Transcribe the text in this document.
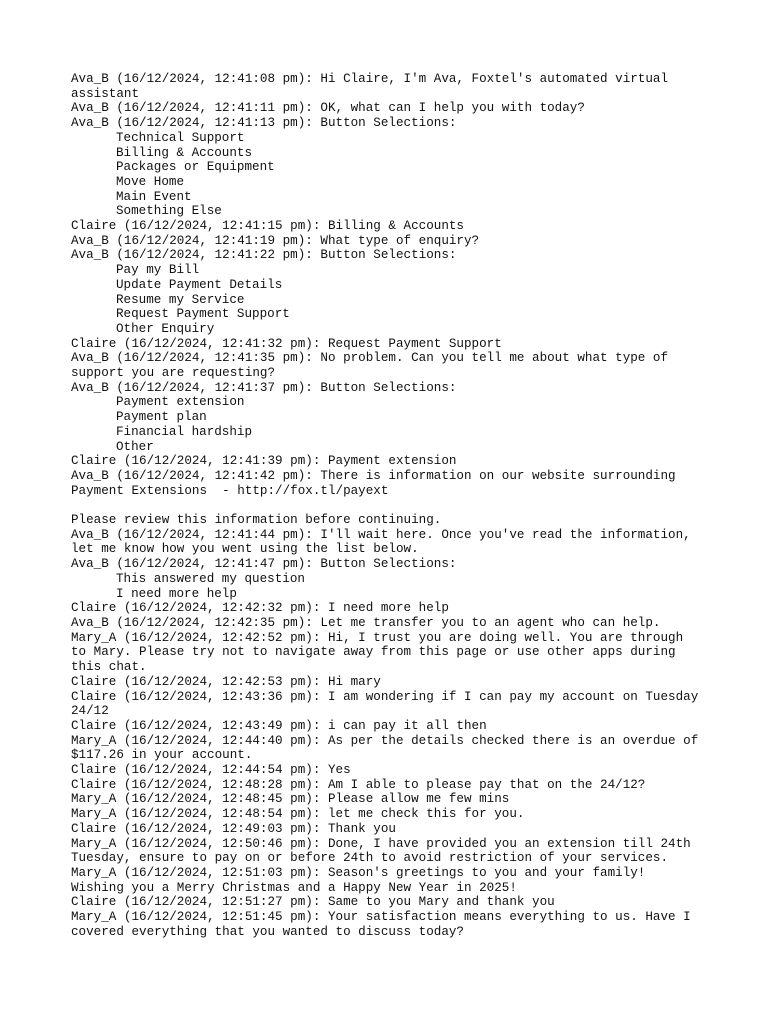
Ava_B (16/12/2024, 12:41:08 pm): Hi Claire, I'm Ava, Foxtel's automated virtual
assistant
Ava_B (16/12/2024, 12:41:11 pm): OK, what can I help you with today?
Ava_B (16/12/2024, 12:41:13 pm): Button Selections:
Technical Support
Billing & Accounts
Packages or Equipment
Move Home
Main Event
Something Else
Claire (16/12/2024, 12:41:15 pm): Billing & Accounts
Ava_B (16/12/2024, 12:41:19 pm): What type of enquiry?
Ava_B (16/12/2024, 12:41:22 pm): Button Selections:
Pay my Bill
Update Payment Details
Resume my Service
Request Payment Support
Other Enquiry
Claire (16/12/2024, 12:41:32 pm): Request Payment Support
Ava_B (16/12/2024, 12:41:35 pm): No problem. Can you tell me about what type of
support you are requesting?
Ava_B (16/12/2024, 12:41:37 pm): Button Selections:
Payment extension
Payment plan
Financial hardship
Other
Claire (16/12/2024, 12:41:39 pm): Payment extension
Ava_B (16/12/2024, 12:41:42 pm): There is information on our website surrounding
Payment Extensions  - http://fox.tl/payext
Please review this information before continuing.
Ava_B (16/12/2024, 12:41:44 pm): I'll wait here. Once you've read the information,
let me know how you went using the list below.
Ava_B (16/12/2024, 12:41:47 pm): Button Selections:
This answered my question
I need more help
Claire (16/12/2024, 12:42:32 pm): I need more help
Ava_B (16/12/2024, 12:42:35 pm): Let me transfer you to an agent who can help.
Mary_A (16/12/2024, 12:42:52 pm): Hi, I trust you are doing well. You are through
to Mary. Please try not to navigate away from this page or use other apps during
this chat.
Claire (16/12/2024, 12:42:53 pm): Hi mary
Claire (16/12/2024, 12:43:36 pm): I am wondering if I can pay my account on Tuesday
24/12
Claire (16/12/2024, 12:43:49 pm): i can pay it all then
Mary_A (16/12/2024, 12:44:40 pm): As per the details checked there is an overdue of
$117.26 in your account.
Claire (16/12/2024, 12:44:54 pm): Yes
Claire (16/12/2024, 12:48:28 pm): Am I able to please pay that on the 24/12?
Mary_A (16/12/2024, 12:48:45 pm): Please allow me few mins
Mary_A (16/12/2024, 12:48:54 pm): let me check this for you.
Claire (16/12/2024, 12:49:03 pm): Thank you
Mary_A (16/12/2024, 12:50:46 pm): Done, I have provided you an extension till 24th
Tuesday, ensure to pay on or before 24th to avoid restriction of your services.
Mary_A (16/12/2024, 12:51:03 pm): Season's greetings to you and your family!
Wishing you a Merry Christmas and a Happy New Year in 2025!
Claire (16/12/2024, 12:51:27 pm): Same to you Mary and thank you
Mary_A (16/12/2024, 12:51:45 pm): Your satisfaction means everything to us. Have I
covered everything that you wanted to discuss today?
